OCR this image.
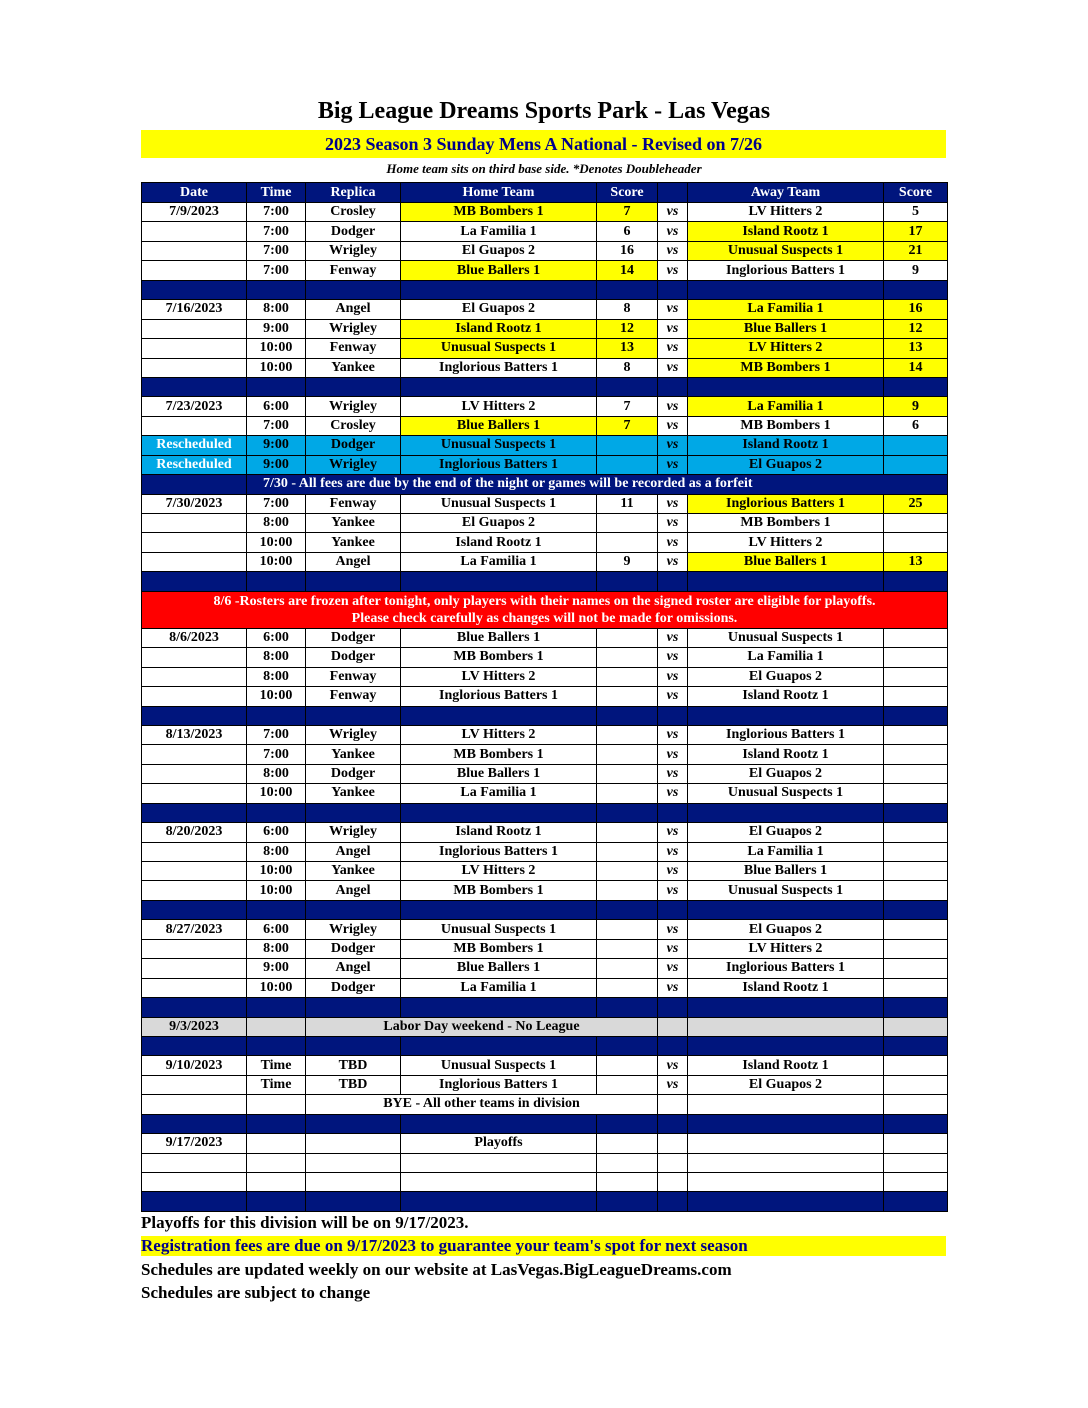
Big League Dreams Sports Park - Las Vegas
2023 Season 3 Sunday Mens A National - Revised on 7/26
Home team sits on third base side. *Denotes Doubleheader
Date	Time	Replica	Home Team	Score		Away Team	Score
7/9/2023	7:00	Crosley	MB Bombers 1	7	vs	LV Hitters 2	5
	7:00	Dodger	La Familia 1	6	vs	Island Rootz 1	17
	7:00	Wrigley	El Guapos 2	16	vs	Unusual Suspects 1	21
	7:00	Fenway	Blue Ballers 1	14	vs	Inglorious Batters 1	9

7/16/2023	8:00	Angel	El Guapos 2	8	vs	La Familia 1	16
	9:00	Wrigley	Island Rootz 1	12	vs	Blue Ballers 1	12
	10:00	Fenway	Unusual Suspects 1	13	vs	LV Hitters 2	13
	10:00	Yankee	Inglorious Batters 1	8	vs	MB Bombers 1	14

7/23/2023	6:00	Wrigley	LV Hitters 2	7	vs	La Familia 1	9
	7:00	Crosley	Blue Ballers 1	7	vs	MB Bombers 1	6
Rescheduled	9:00	Dodger	Unusual Suspects 1		vs	Island Rootz 1	
Rescheduled	9:00	Wrigley	Inglorious Batters 1		vs	El Guapos 2	
	7/30 - All fees are due by the end of the night or games will be recorded as a forfeit						
7/30/2023	7:00	Fenway	Unusual Suspects 1	11	vs	Inglorious Batters 1	25
	8:00	Yankee	El Guapos 2		vs	MB Bombers 1	
	10:00	Yankee	Island Rootz 1		vs	LV Hitters 2	
	10:00	Angel	La Familia 1	9	vs	Blue Ballers 1	13

8/6 -Rosters are frozen after tonight, only players with their names on the signed roster are eligible for playoffs.
Please check carefully as changes will not be made for omissions.							

8/6/2023	6:00	Dodger	Blue Ballers 1		vs	Unusual Suspects 1	
	8:00	Dodger	MB Bombers 1		vs	La Familia 1	
	8:00	Fenway	LV Hitters 2		vs	El Guapos 2	
	10:00	Fenway	Inglorious Batters 1		vs	Island Rootz 1	

8/13/2023	7:00	Wrigley	LV Hitters 2		vs	Inglorious Batters 1	
	7:00	Yankee	MB Bombers 1		vs	Island Rootz 1	
	8:00	Dodger	Blue Ballers 1		vs	El Guapos 2	
	10:00	Yankee	La Familia 1		vs	Unusual Suspects 1	

8/20/2023	6:00	Wrigley	Island Rootz 1		vs	El Guapos 2	
	8:00	Angel	Inglorious Batters 1		vs	La Familia 1	
	10:00	Yankee	LV Hitters 2		vs	Blue Ballers 1	
	10:00	Angel	MB Bombers 1		vs	Unusual Suspects 1	

8/27/2023	6:00	Wrigley	Unusual Suspects 1		vs	El Guapos 2	
	8:00	Dodger	MB Bombers 1		vs	LV Hitters 2	
	9:00	Angel	Blue Ballers 1		vs	Inglorious Batters 1	
	10:00	Dodger	La Familia 1		vs	Island Rootz 1	

9/3/2023		Labor Day weekend - No League					

9/10/2023	Time	TBD	Unusual Suspects 1		vs	Island Rootz 1	
	Time	TBD	Inglorious Batters 1		vs	El Guapos 2	
		BYE - All other teams in division					

9/17/2023			Playoffs				

Playoffs for this division will be on 9/17/2023.
Registration fees are due on 9/17/2023 to guarantee your team's spot for next season
Schedules are updated weekly on our website at LasVegas.BigLeagueDreams.com
Schedules are subject to change
